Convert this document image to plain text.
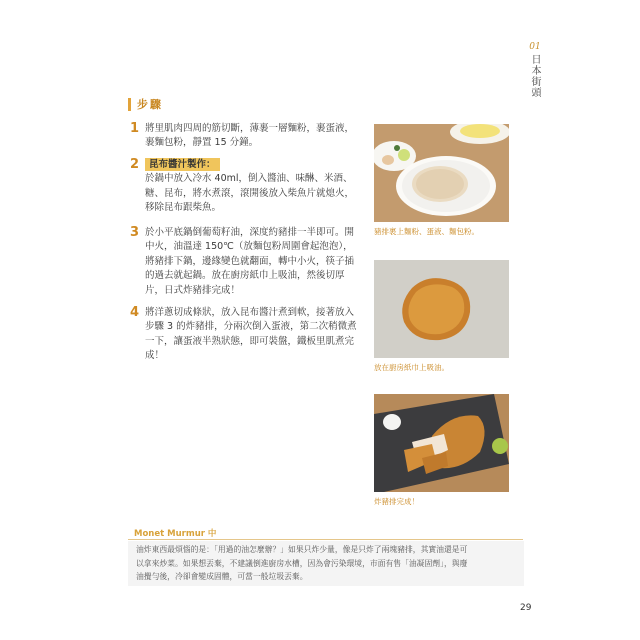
01
日本街頭
步驟
1 將里肌肉四周的筋切斷，薄裹一層麵粉，裹蛋液，裹麵包粉，靜置 15 分鐘。
2	昆布醬汁製作：
於鍋中放入冷水 40ml，倒入醬油、味醂、米酒、糖、昆布，將水煮滾，滾開後放入柴魚片就熄火，移除昆布跟柴魚。
3 於小平底鍋倒葡萄籽油，深度約豬排一半即可。開中火，油溫達 150℃（放麵包粉周圍會起泡泡），將豬排下鍋，邊緣變色就翻面，轉中小火，筷子插的過去就起鍋。放在廚房紙巾上吸油，然後切厚片，日式炸豬排完成！
4 將洋蔥切成條狀，放入昆布醬汁煮到軟，接著放入步驟 3 的炸豬排，分兩次倒入蛋液，第二次稍微煮一下，讓蛋液半熟狀態，即可裝盤，鐵板里肌煮完成！
豬排裹上麵粉、蛋液、麵包粉。
放在廚房紙巾上吸油。
炸豬排完成！
Monet Murmur 中
油炸東西最煩惱的是：「用過的油怎麼辦？」如果只炸少量，像是只炸了兩塊豬排，其實油還是可
以拿來炒菜。如果想丟棄，不建議倒進廚房水槽，因為會污染環境，市面有售「油凝固劑」，與廢
油攪勻後，冷卻會變成固體，可當一般垃圾丟棄。
29
